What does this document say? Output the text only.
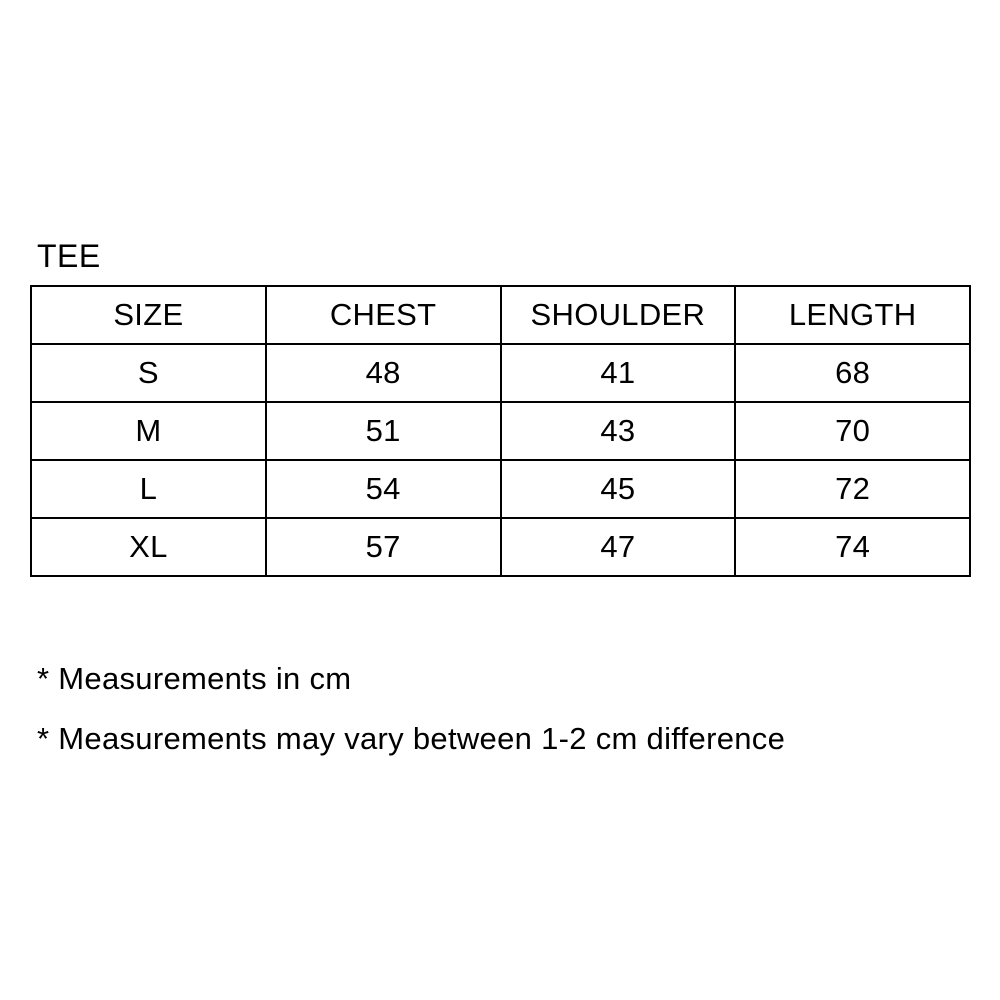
TEE
SIZE	CHEST	SHOULDER	LENGTH
S	48	41	68
M	51	43	70
L	54	45	72
XL	57	47	74
* Measurements in cm
* Measurements may vary between 1-2 cm difference
